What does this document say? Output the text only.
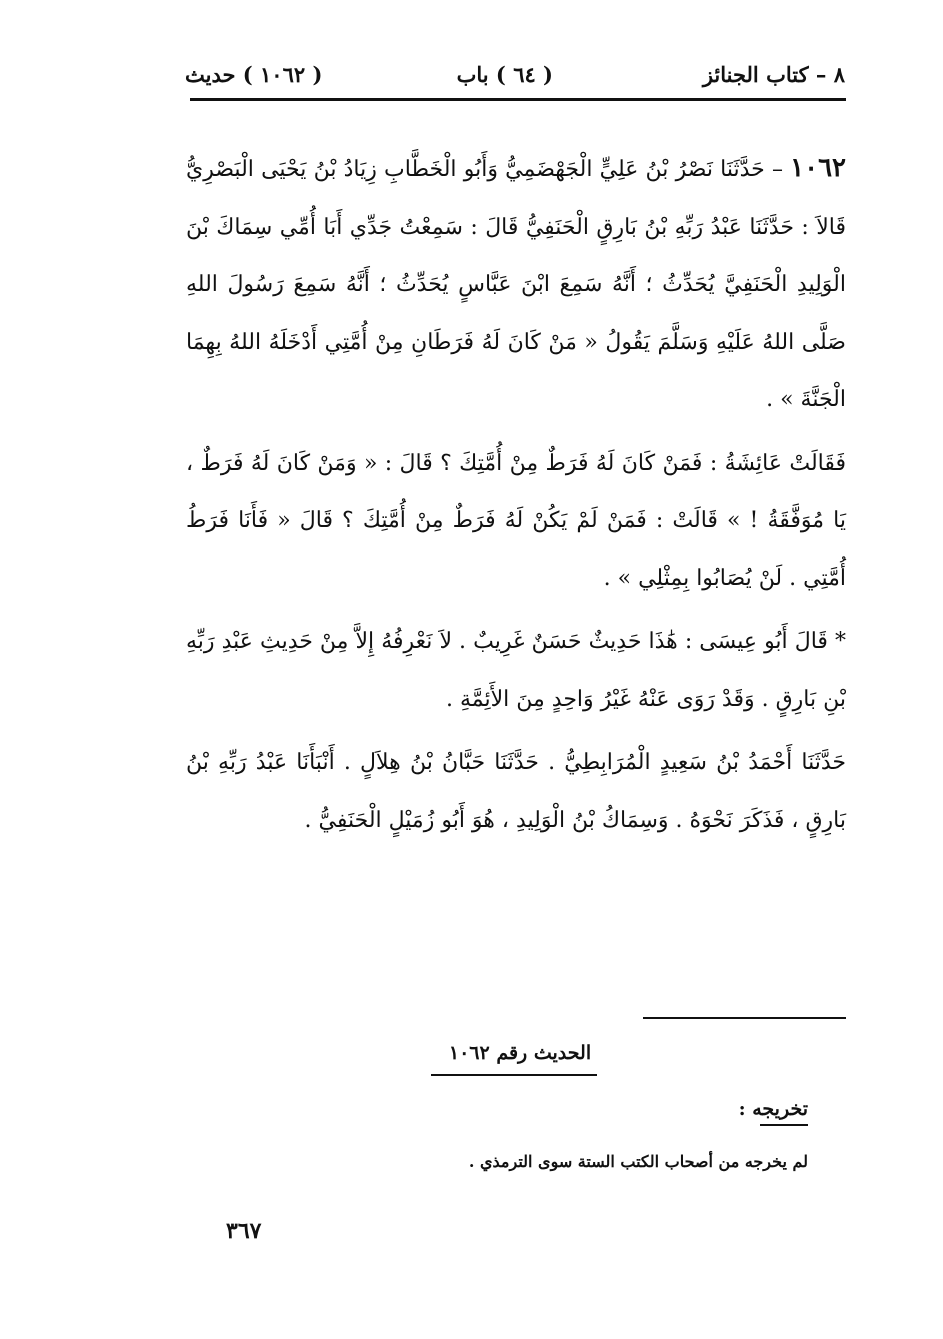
٨ – كتاب الجنائز
( ٦٤ ) باب
( ١٠٦٢ ) حديث

١٠٦٢ – حَدَّثَنَا نَصْرُ بْنُ عَلِيٍّ الْجَهْضَمِيُّ وَأَبُو الْخَطَّابِ زِيَادُ بْنُ يَحْيَى الْبَصْرِيُّ قَالاَ : حَدَّثَنَا عَبْدُ رَبِّهِ بْنُ بَارِقٍ الْحَنَفِيُّ قَالَ : سَمِعْتُ جَدِّي أَبَا أُمِّي سِمَاكَ بْنَ الْوَلِيدِ الْحَنَفِيَّ يُحَدِّثُ ؛ أَنَّهُ سَمِعَ ابْنَ عَبَّاسٍ يُحَدِّثُ ؛ أَنَّهُ سَمِعَ رَسُولَ اللهِ صَلَّى اللهُ عَلَيْهِ وَسَلَّمَ يَقُولُ « مَنْ كَانَ لَهُ فَرَطَانِ مِنْ أُمَّتِي أَدْخَلَهُ اللهُ بِهِمَا الْجَنَّةَ » .

فَقَالَتْ عَائِشَةُ : فَمَنْ كَانَ لَهُ فَرَطٌ مِنْ أُمَّتِكَ ؟ قَالَ : « وَمَنْ كَانَ لَهُ فَرَطٌ ، يَا مُوَفَّقَةُ ! » قَالَتْ : فَمَنْ لَمْ يَكُنْ لَهُ فَرَطٌ مِنْ أُمَّتِكَ ؟ قَالَ « فَأَنَا فَرَطُ أُمَّتِي . لَنْ يُصَابُوا بِمِثْلِي » .

* قَالَ أَبُو عِيسَى : هَٰذَا حَدِيثٌ حَسَنٌ غَرِيبٌ . لاَ نَعْرِفُهُ إِلاَّ مِنْ حَدِيثِ عَبْدِ رَبِّهِ بْنِ بَارِقٍ . وَقَدْ رَوَى عَنْهُ غَيْرُ وَاحِدٍ مِنَ الأَئِمَّةِ .

حَدَّثَنَا أَحْمَدُ بْنُ سَعِيدٍ الْمُرَابِطِيُّ . حَدَّثَنَا حَبَّانُ بْنُ هِلاَلٍ . أَنْبَأَنَا عَبْدُ رَبِّهِ بْنُ بَارِقٍ ، فَذَكَرَ نَحْوَهُ . وَسِمَاكُ بْنُ الْوَلِيدِ ، هُوَ أَبُو زُمَيْلٍ الْحَنَفِيُّ .

الحديث رقم ١٠٦٢
تخريجه :
لم يخرجه من أصحاب الكتب الستة سوى الترمذي .
٣٦٧
